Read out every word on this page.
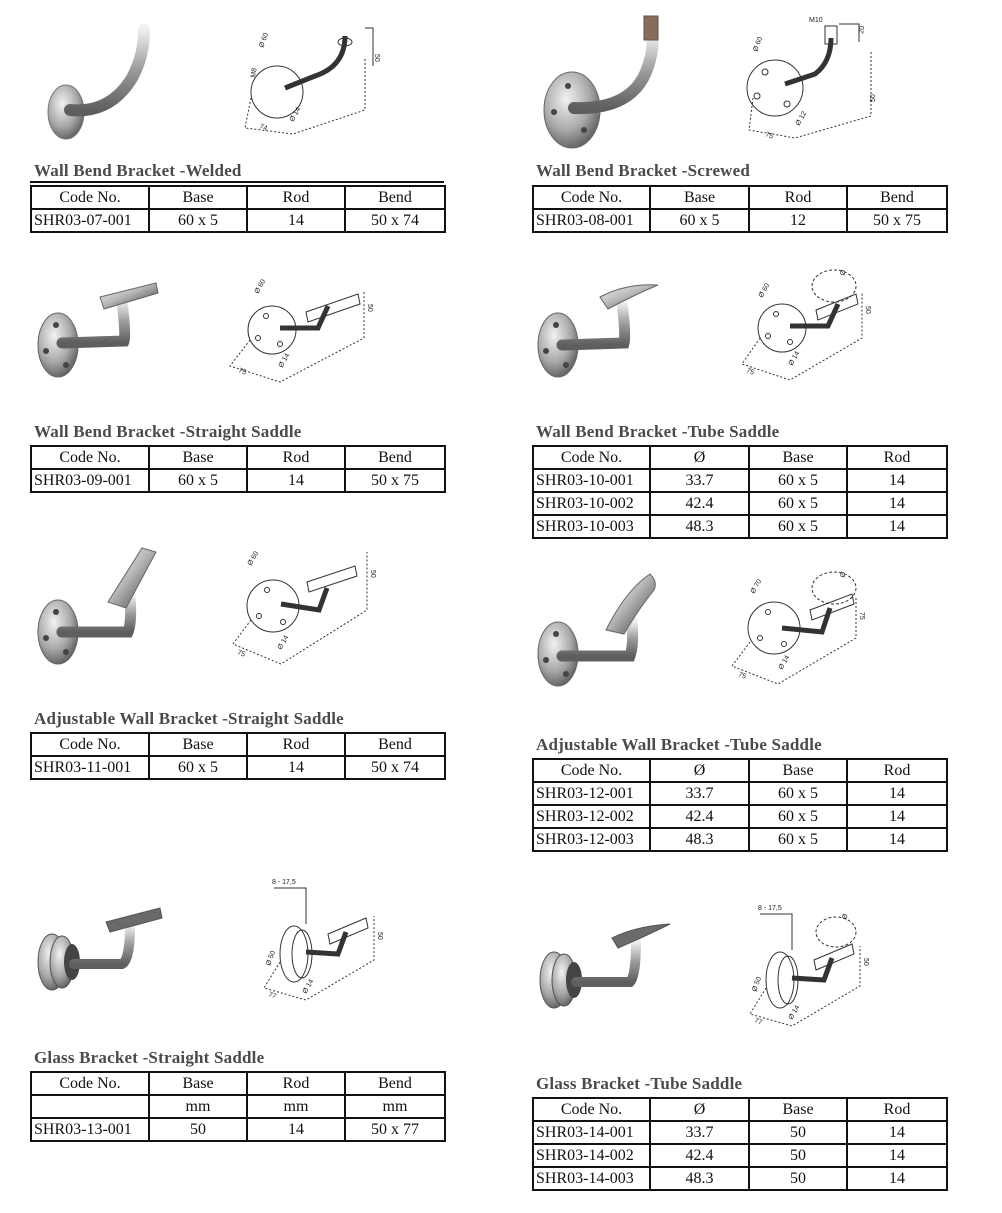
Ø 60
M8
74
Ø 14
50
Wall Bend Bracket -Welded
Code No.	Base	Rod	Bend
SHR03-07-001	60 x 5	14	50 x 74
M10
Ø 60
20
75
Ø 12
50
Wall Bend Bracket -Screwed
Code No.	Base	Rod	Bend
SHR03-08-001	60 x 5	12	50 x 75
Ø 60
75
Ø 14
50
Wall Bend Bracket -Straight Saddle
Code No.	Base	Rod	Bend
SHR03-09-001	60 x 5	14	50 x 75
Ø 60
Ø
75
Ø 14
50
Wall Bend Bracket -Tube Saddle
Code No.	Ø	Base	Rod
SHR03-10-001	33.7	60 x 5	14
SHR03-10-002	42.4	60 x 5	14
SHR03-10-003	48.3	60 x 5	14
Ø 60
75
Ø 14
50
Adjustable Wall Bracket -Straight Saddle
Code No.	Base	Rod	Bend
SHR03-11-001	60 x 5	14	50 x 74
Ø 70
Ø
75
Ø 14
75
Adjustable Wall Bracket -Tube Saddle
Code No.	Ø	Base	Rod
SHR03-12-001	33.7	60 x 5	14
SHR03-12-002	42.4	60 x 5	14
SHR03-12-003	48.3	60 x 5	14
8 - 17,5
Ø 50
77
Ø 14
50
Glass Bracket -Straight Saddle
Code No.	Base	Rod	Bend
	mm	mm	mm
SHR03-13-001	50	14	50 x 77
8 - 17,5
Ø 50
Ø
77
Ø 14
50
Glass Bracket -Tube Saddle
Code No.	Ø	Base	Rod
SHR03-14-001	33.7	50	14
SHR03-14-002	42.4	50	14
SHR03-14-003	48.3	50	14
